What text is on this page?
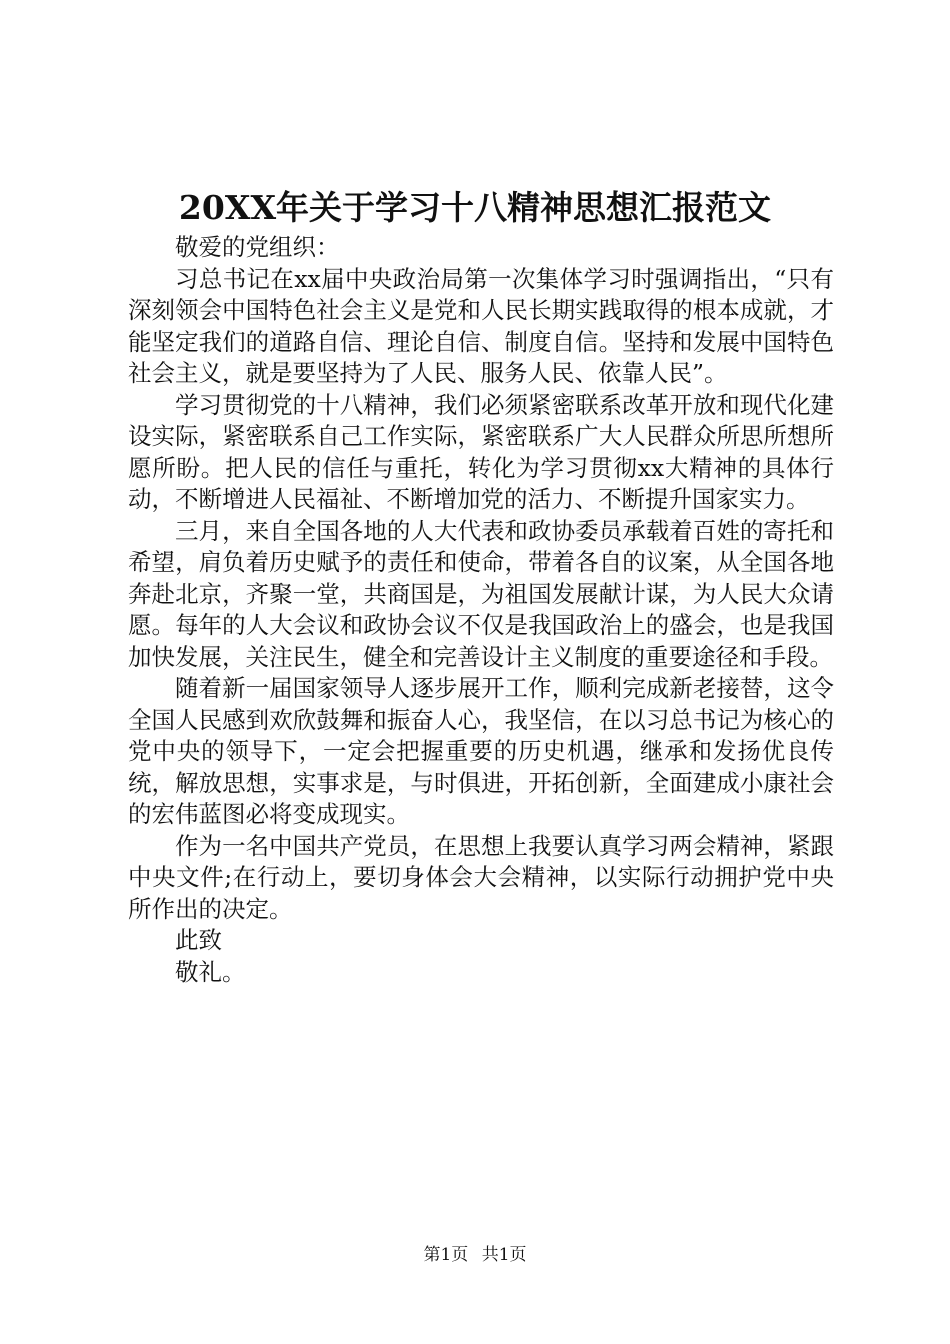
20XX年关于学习十八精神思想汇报范文

敬爱的党组织：

习总书记在xx届中央政治局第一次集体学习时强调指出，“只有深刻领会中国特色社会主义是党和人民长期实践取得的根本成就，才能坚定我们的道路自信、理论自信、制度自信。坚持和发展中国特色社会主义，就是要坚持为了人民、服务人民、依靠人民”。

学习贯彻党的十八精神，我们必须紧密联系改革开放和现代化建设实际，紧密联系自己工作实际，紧密联系广大人民群众所思所想所愿所盼。把人民的信任与重托，转化为学习贯彻xx大精神的具体行动，不断增进人民福祉、不断增加党的活力、不断提升国家实力。

三月，来自全国各地的人大代表和政协委员承载着百姓的寄托和希望，肩负着历史赋予的责任和使命，带着各自的议案，从全国各地奔赴北京，齐聚一堂，共商国是，为祖国发展献计谋，为人民大众请愿。每年的人大会议和政协会议不仅是我国政治上的盛会，也是我国加快发展，关注民生，健全和完善设计主义制度的重要途径和手段。

随着新一届国家领导人逐步展开工作，顺利完成新老接替，这令全国人民感到欢欣鼓舞和振奋人心，我坚信，在以习总书记为核心的党中央的领导下，一定会把握重要的历史机遇，继承和发扬优良传统，解放思想，实事求是，与时俱进，开拓创新，全面建成小康社会的宏伟蓝图必将变成现实。

作为一名中国共产党员，在思想上我要认真学习两会精神，紧跟中央文件;在行动上，要切身体会大会精神，以实际行动拥护党中央所作出的决定。

此致

敬礼。

第1页 共1页
